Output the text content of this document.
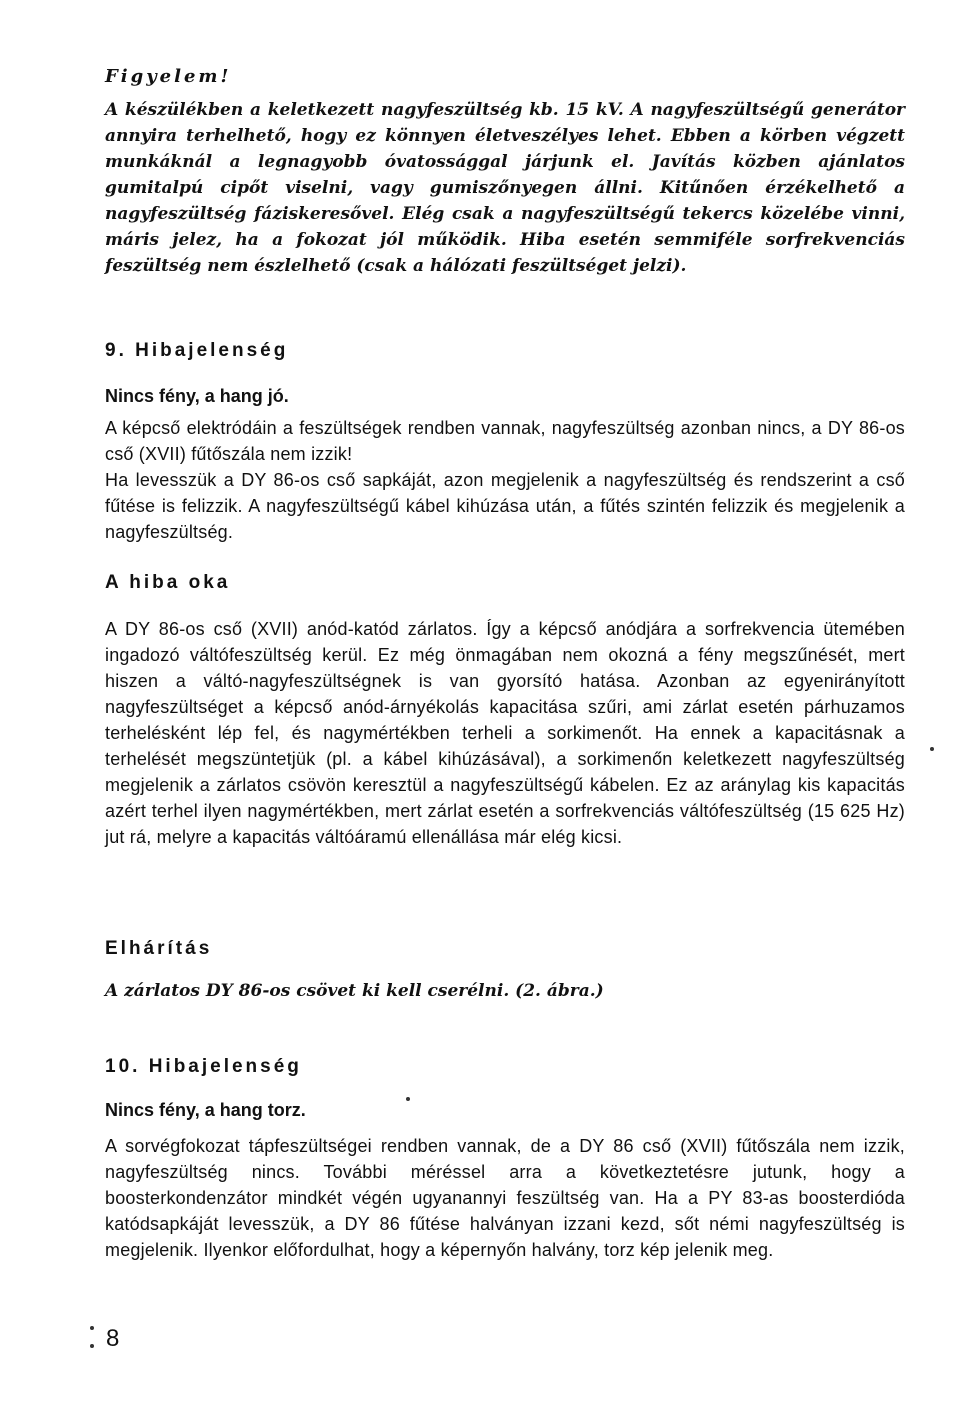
Figyelem!

A készülékben a keletkezett nagyfeszültség kb. 15 kV. A nagyfeszültségű generátor annyira terhelhető, hogy ez könnyen életveszélyes lehet. Ebben a körben végzett munkáknál a legnagyobb óvatossággal járjunk el. Javítás közben ajánlatos gumitalpú cipőt viselni, vagy gumiszőnyegen állni. Kitűnően érzékelhető a nagyfeszültség fáziskeresővel. Elég csak a nagyfeszültségű tekercs közelébe vinni, máris jelez, ha a fokozat jól működik. Hiba esetén semmiféle sorfrekvenciás feszültség nem észlelhető (csak a hálózati feszültséget jelzi).

9. Hibajelenség

Nincs fény, a hang jó.

A képcső elektródáin a feszültségek rendben vannak, nagyfeszültség azonban nincs, a DY 86-os cső (XVII) fűtőszála nem izzik!

Ha levesszük a DY 86-os cső sapkáját, azon megjelenik a nagyfeszültség és rendszerint a cső fűtése is felizzik. A nagyfeszültségű kábel kihúzása után, a fűtés szintén felizzik és megjelenik a nagyfeszültség.

A hiba oka

A DY 86-os cső (XVII) anód-katód zárlatos. Így a képcső anódjára a sorfrekvencia ütemében ingadozó váltófeszültség kerül. Ez még önmagában nem okozná a fény megszűnését, mert hiszen a váltó-nagyfeszültségnek is van gyorsító hatása. Azonban az egyenirányított nagyfeszültséget a képcső anód-árnyékolás kapacitása szűri, ami zárlat esetén párhuzamos terhelésként lép fel, és nagymértékben terheli a sorkimenőt. Ha ennek a kapacitásnak a terhelését megszüntetjük (pl. a kábel kihúzásával), a sorkimenőn keletkezett nagyfeszültség megjelenik a zárlatos csövön keresztül a nagyfeszültségű kábelen. Ez az aránylag kis kapacitás azért terhel ilyen nagymértékben, mert zárlat esetén a sorfrekvenciás váltófeszültség (15 625 Hz) jut rá, melyre a kapacitás váltóáramú ellenállása már elég kicsi.

Elhárítás

A zárlatos DY 86-os csövet ki kell cserélni. (2. ábra.)

10. Hibajelenség

Nincs fény, a hang torz.

A sorvégfokozat tápfeszültségei rendben vannak, de a DY 86 cső (XVII) fűtőszála nem izzik, nagyfeszültség nincs. További méréssel arra a következtetésre jutunk, hogy a boosterkondenzátor mindkét végén ugyanannyi feszültség van. Ha a PY 83-as boosterdióda katódsapkáját levesszük, a DY 86 fűtése halványan izzani kezd, sőt némi nagyfeszültség is megjelenik. Ilyenkor előfordulhat, hogy a képernyőn halvány, torz kép jelenik meg.

8
